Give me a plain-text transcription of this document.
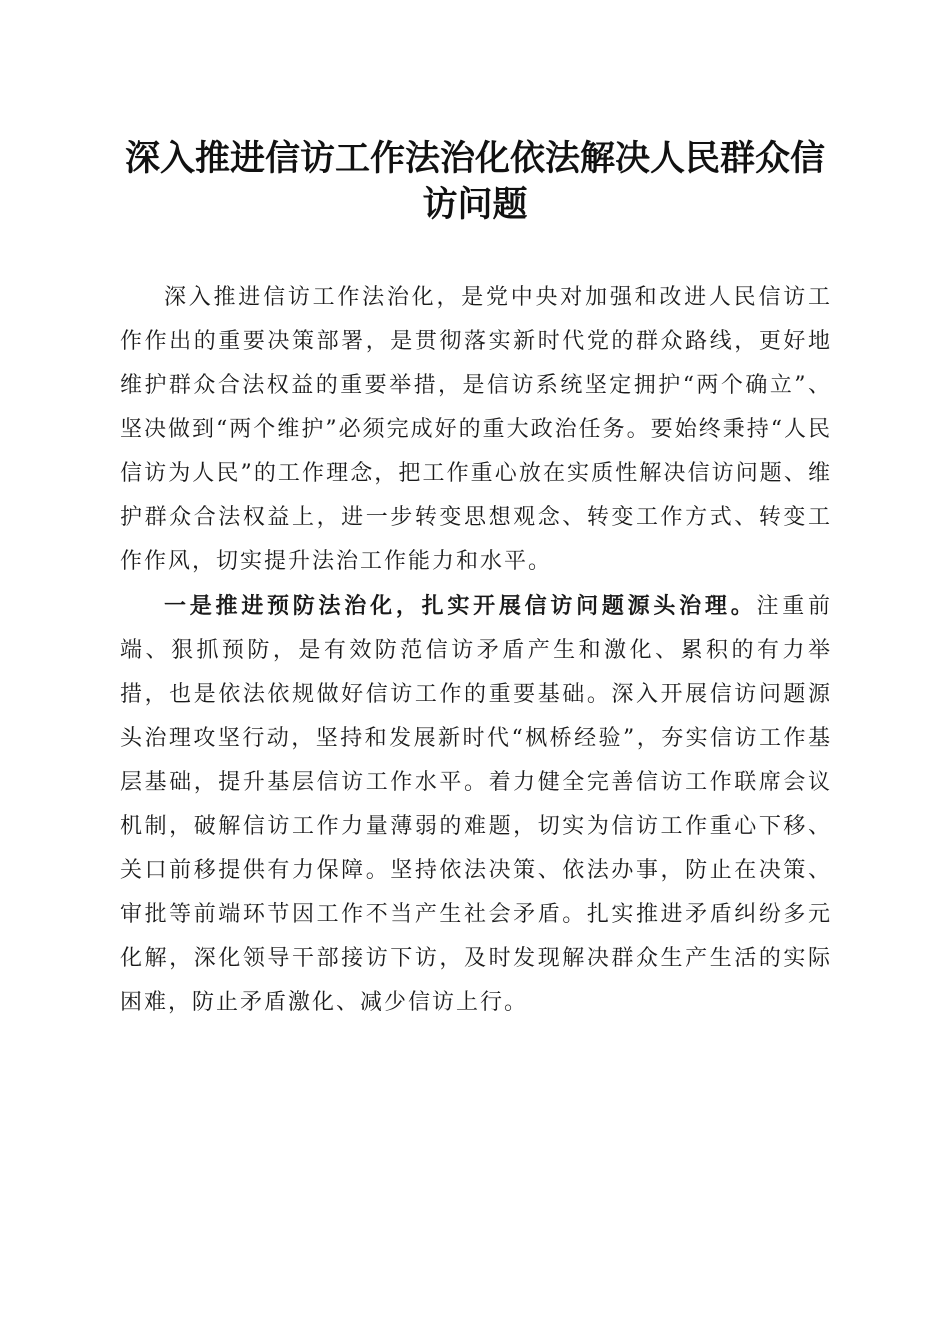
深入推进信访工作法治化依法解决人民群众信访问题

深入推进信访工作法治化，是党中央对加强和改进人民信访工作作出的重要决策部署，是贯彻落实新时代党的群众路线，更好地维护群众合法权益的重要举措，是信访系统坚定拥护“两个确立”、坚决做到“两个维护”必须完成好的重大政治任务。要始终秉持“人民信访为人民”的工作理念，把工作重心放在实质性解决信访问题、维护群众合法权益上，进一步转变思想观念、转变工作方式、转变工作作风，切实提升法治工作能力和水平。

一是推进预防法治化，扎实开展信访问题源头治理。注重前端、狠抓预防，是有效防范信访矛盾产生和激化、累积的有力举措，也是依法依规做好信访工作的重要基础。深入开展信访问题源头治理攻坚行动，坚持和发展新时代“枫桥经验”，夯实信访工作基层基础，提升基层信访工作水平。着力健全完善信访工作联席会议机制，破解信访工作力量薄弱的难题，切实为信访工作重心下移、关口前移提供有力保障。坚持依法决策、依法办事，防止在决策、审批等前端环节因工作不当产生社会矛盾。扎实推进矛盾纠纷多元化解，深化领导干部接访下访，及时发现解决群众生产生活的实际困难，防止矛盾激化、减少信访上行。
